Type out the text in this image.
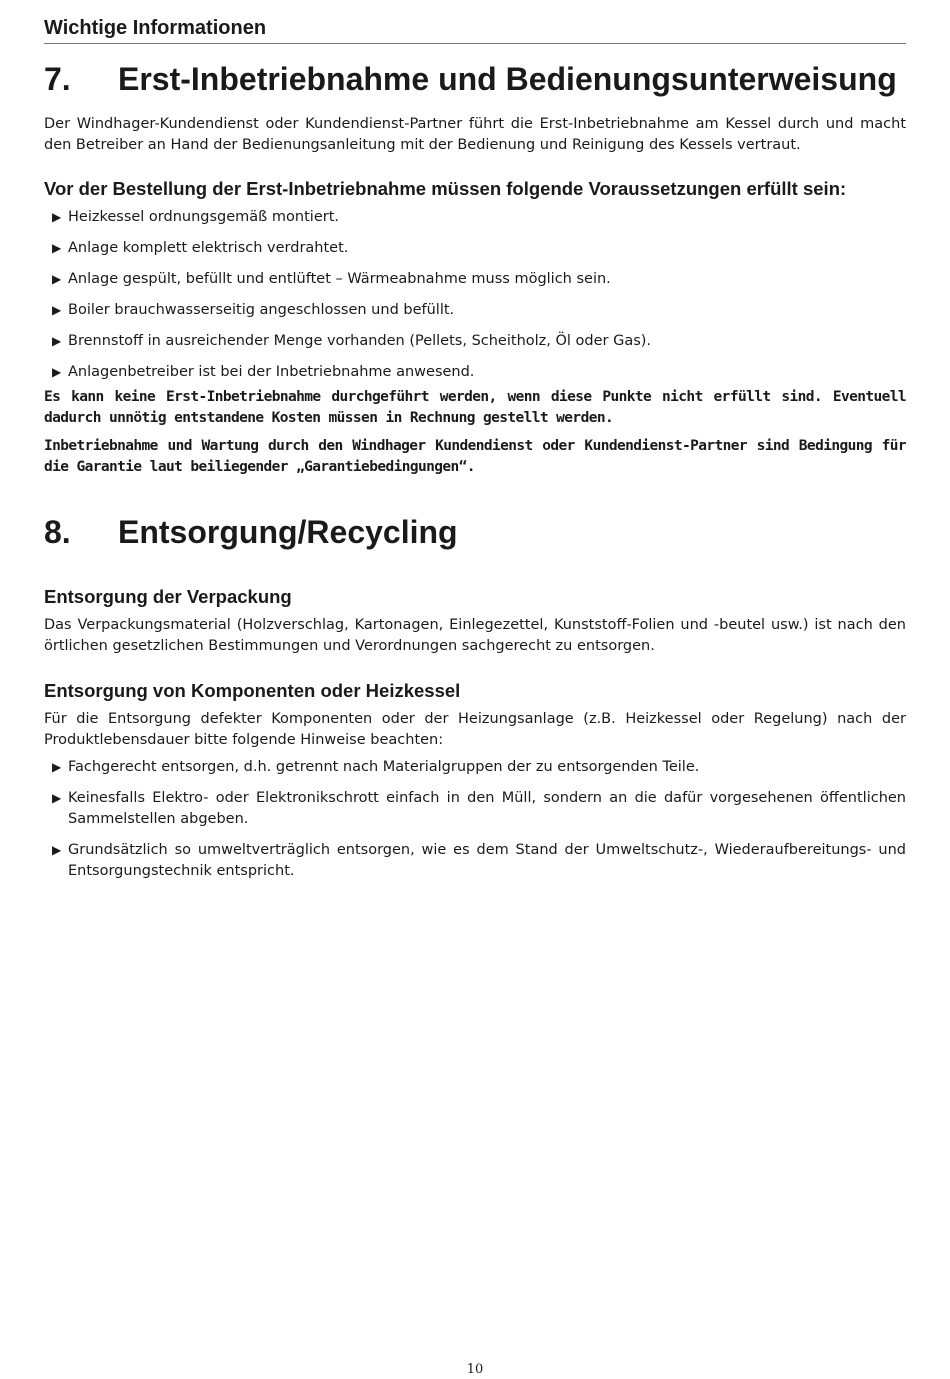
Wichtige Informationen
7.	Erst-Inbetriebnahme und Bedienungsunterweisung

Der Windhager-Kundendienst oder Kundendienst-Partner führt die Erst-Inbetriebnahme am Kessel durch und macht den Betreiber an Hand der Bedienungsanleitung mit der Bedienung und Reinigung des Kessels vertraut.

Vor der Bestellung der Erst-Inbetriebnahme müssen folgende Voraussetzungen erfüllt sein:
▶ Heizkessel ordnungsgemäß montiert.
▶ Anlage komplett elektrisch verdrahtet.
▶ Anlage gespült, befüllt und entlüftet – Wärmeabnahme muss möglich sein.
▶ Boiler brauchwasserseitig angeschlossen und befüllt.
▶ Brennstoff in ausreichender Menge vorhanden (Pellets, Scheitholz, Öl oder Gas).
▶ Anlagenbetreiber ist bei der Inbetriebnahme anwesend.

Es kann keine Erst-Inbetriebnahme durchgeführt werden, wenn diese Punkte nicht erfüllt sind. Eventuell dadurch unnötig entstandene Kosten müssen in Rechnung gestellt werden.

Inbetriebnahme und Wartung durch den Windhager Kundendienst oder Kundendienst-Partner sind Bedingung für die Garantie laut beiliegender „Garantiebedingungen“.

8.	Entsorgung/Recycling
Entsorgung der Verpackung

Das Verpackungsmaterial (Holzverschlag, Kartonagen, Einlegezettel, Kunststoff-Folien und -beutel usw.) ist nach den örtlichen gesetzlichen Bestimmungen und Verordnungen sachgerecht zu entsorgen.

Entsorgung von Komponenten oder Heizkessel

Für die Entsorgung defekter Komponenten oder der Heizungsanlage (z.B. Heizkessel oder Regelung) nach der Produktlebensdauer bitte folgende Hinweise beachten:

▶ Fachgerecht entsorgen, d.h. getrennt nach Materialgruppen der zu entsorgenden Teile.
▶ Keinesfalls Elektro- oder Elektronikschrott einfach in den Müll, sondern an die dafür vorgesehenen öffentlichen Sammelstellen abgeben.
▶ Grundsätzlich so umweltverträglich entsorgen, wie es dem Stand der Umweltschutz-, Wiederaufbereitungs- und Entsorgungstechnik entspricht.
10
